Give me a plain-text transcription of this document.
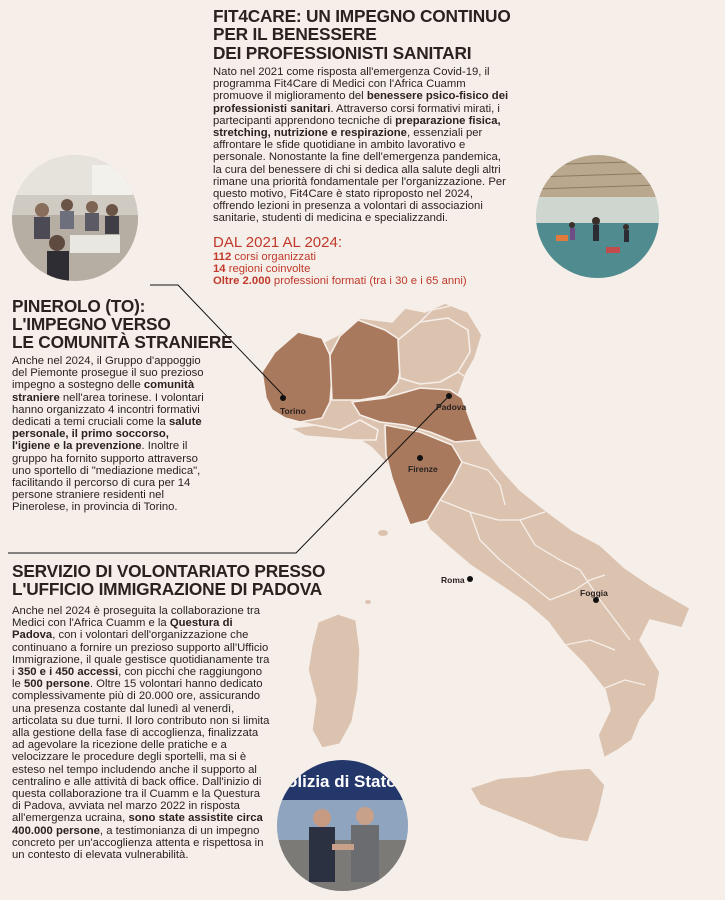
FIT4CARE: UN IMPEGNO CONTINUO
PER IL BENESSERE
DEI PROFESSIONISTI SANITARI
Nato nel 2021 come risposta all'emergenza Covid-19, il programma Fit4Care di Medici con l'Africa Cuamm promuove il miglioramento del benessere psico-fisico dei professionisti sanitari. Attraverso corsi formativi mirati, i partecipanti apprendono tecniche di preparazione fisica, stretching, nutrizione e respirazione, essenziali per affrontare le sfide quotidiane in ambito lavorativo e personale. Nonostante la fine dell'emergenza pandemica, la cura del benessere di chi si dedica alla salute degli altri rimane una priorità fondamentale per l'organizzazione. Per questo motivo, Fit4Care è stato riproposto nel 2024, offrendo lezioni in presenza a volontari di associazioni sanitarie, studenti di medicina e specializzandi.
DAL 2021 AL 2024:
112 corsi organizzati
14 regioni coinvolte
Oltre 2.000 professioni formati (tra i 30 e i 65 anni)
Torino	Padova
Firenze
Roma
Foggia
olizia di Stato
PINEROLO (TO):
L'IMPEGNO VERSO
LE COMUNITÀ STRANIERE
Anche nel 2024, il Gruppo d'appoggio del Piemonte prosegue il suo prezioso impegno a sostegno delle comunità straniere nell'area torinese. I volontari hanno organizzato 4 incontri formativi dedicati a temi cruciali come la salute personale, il primo soccorso, l'igiene e la prevenzione. Inoltre il gruppo ha fornito supporto attraverso uno sportello di "mediazione medica", facilitando il percorso di cura per 14 persone straniere residenti nel Pinerolese, in provincia di Torino.
SERVIZIO DI VOLONTARIATO PRESSO
L'UFFICIO IMMIGRAZIONE DI PADOVA
Anche nel 2024 è proseguita la collaborazione tra Medici con l'Africa Cuamm e la Questura di Padova, con i volontari dell'organizzazione che continuano a fornire un prezioso supporto all'Ufficio Immigrazione, il quale gestisce quotidianamente tra i 350 e i 450 accessi, con picchi che raggiungono le 500 persone. Oltre 15 volontari hanno dedicato complessivamente più di 20.000 ore, assicurando una presenza costante dal lunedì al venerdì, articolata su due turni. Il loro contributo non si limita alla gestione della fase di accoglienza, finalizzata ad agevolare la ricezione delle pratiche e a velocizzare le procedure degli sportelli, ma si è esteso nel tempo includendo anche il supporto al centralino e alle attività di back office. Dall'inizio di questa collaborazione tra il Cuamm e la Questura di Padova, avviata nel marzo 2022 in risposta all'emergenza ucraina, sono state assistite circa 400.000 persone, a testimonianza di un impegno concreto per un'accoglienza attenta e rispettosa in un contesto di elevata vulnerabilità.
